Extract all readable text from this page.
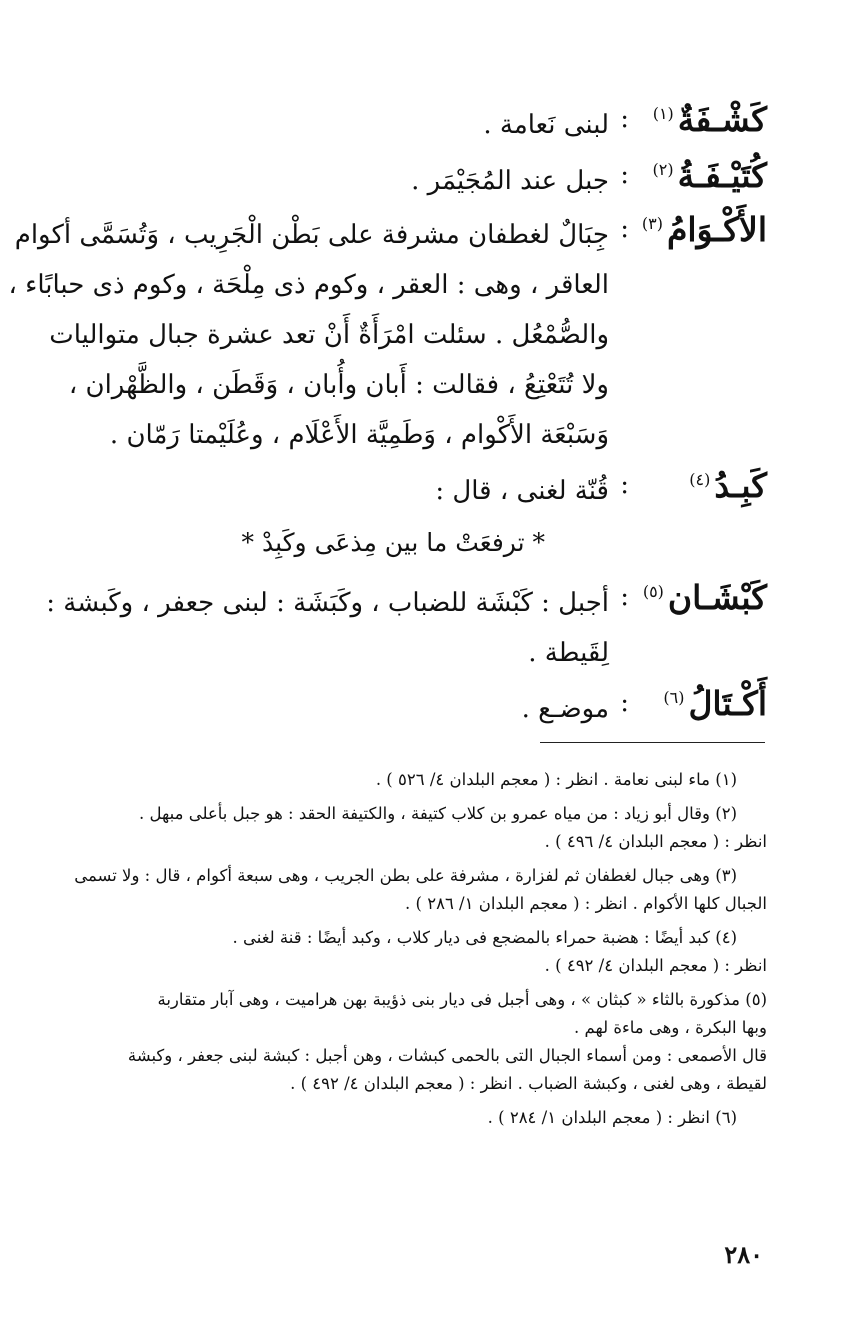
كَشْـفَةٌ$^{(١)}$
:
لبنى نَعامة .
كُتَيْـفَـةُ$^{(٢)}$
:
جبل عند المُجَيْمَر .
الأَكْـوَامُ$^{(٣)}$
:
جِبَالٌ لغطفان مشرفة على بَطْن الْجَرِيب ، وَتُسَمَّى أكوام
العاقر ، وهى : العقر ، وكوم ذى مِلْحَة ، وكوم ذى حبابًاء ،
والصُّمْعُل . سئلت امْرَأَةٌ أَنْ تعد عشرة جبال متواليات
ولا تُتَعْتِعُ ، فقالت : أَبان وأُبان ، وَقَطَن ، والظَّهْران ،
وَسَبْعَة الأَكْوام ، وَطَمِيَّة الأَعْلَام ، وعُلَيْمتا رَمّان .
كَبِـدُ$^{(٤)}$
:
قُنّة لغنى ، قال :
* ترفعَتْ ما بين مِذعَى وكَبِدْ *
كَبْشَـان$^{(٥)}$
:
أجبل : كَبْشَة للضباب ، وكَبَشَة : لبنى جعفر ، وكَبشة :
لِقَيطة .
أَكْـتَالُ$^{(٦)}$
:
موضـع .
(١) ماء لبنى نعامة . انظر : ( معجم البلدان ٤/ ٥٢٦ ) .
(٢) وقال أبو زياد : من مياه عمرو بن كلاب كتيفة ، والكتيفة الحقد : هو جبل بأعلى مبهل .
انظر : ( معجم البلدان ٤/ ٤٩٦ ) .
(٣) وهى جبال لغطفان ثم لفزارة ، مشرفة على بطن الجريب ، وهى سبعة أكوام ، قال : ولا تسمى
الجبال كلها الأكوام . انظر : ( معجم البلدان ١/ ٢٨٦ ) .
(٤) كبد أيضًا : هضبة حمراء بالمضجع فى ديار كلاب ، وكبد أيضًا : قنة لغنى .
انظر : ( معجم البلدان ٤/ ٤٩٢ ) .
(٥) مذكورة بالثاء « كبثان » ، وهى أجبل فى ديار بنى ذؤيبة بهن هراميت ، وهى آبار متقاربة
وبها البكرة ، وهى ماءة لهم .
قال الأصمعى : ومن أسماء الجبال التى بالحمى كبشات ، وهن أجبل : كبشة لبنى جعفر ، وكبشة
لقيطة ، وهى لغنى ، وكبشة الضباب . انظر : ( معجم البلدان ٤/ ٤٩٢ ) .
(٦) انظر : ( معجم البلدان ١/ ٢٨٤ ) .
٢٨٠
